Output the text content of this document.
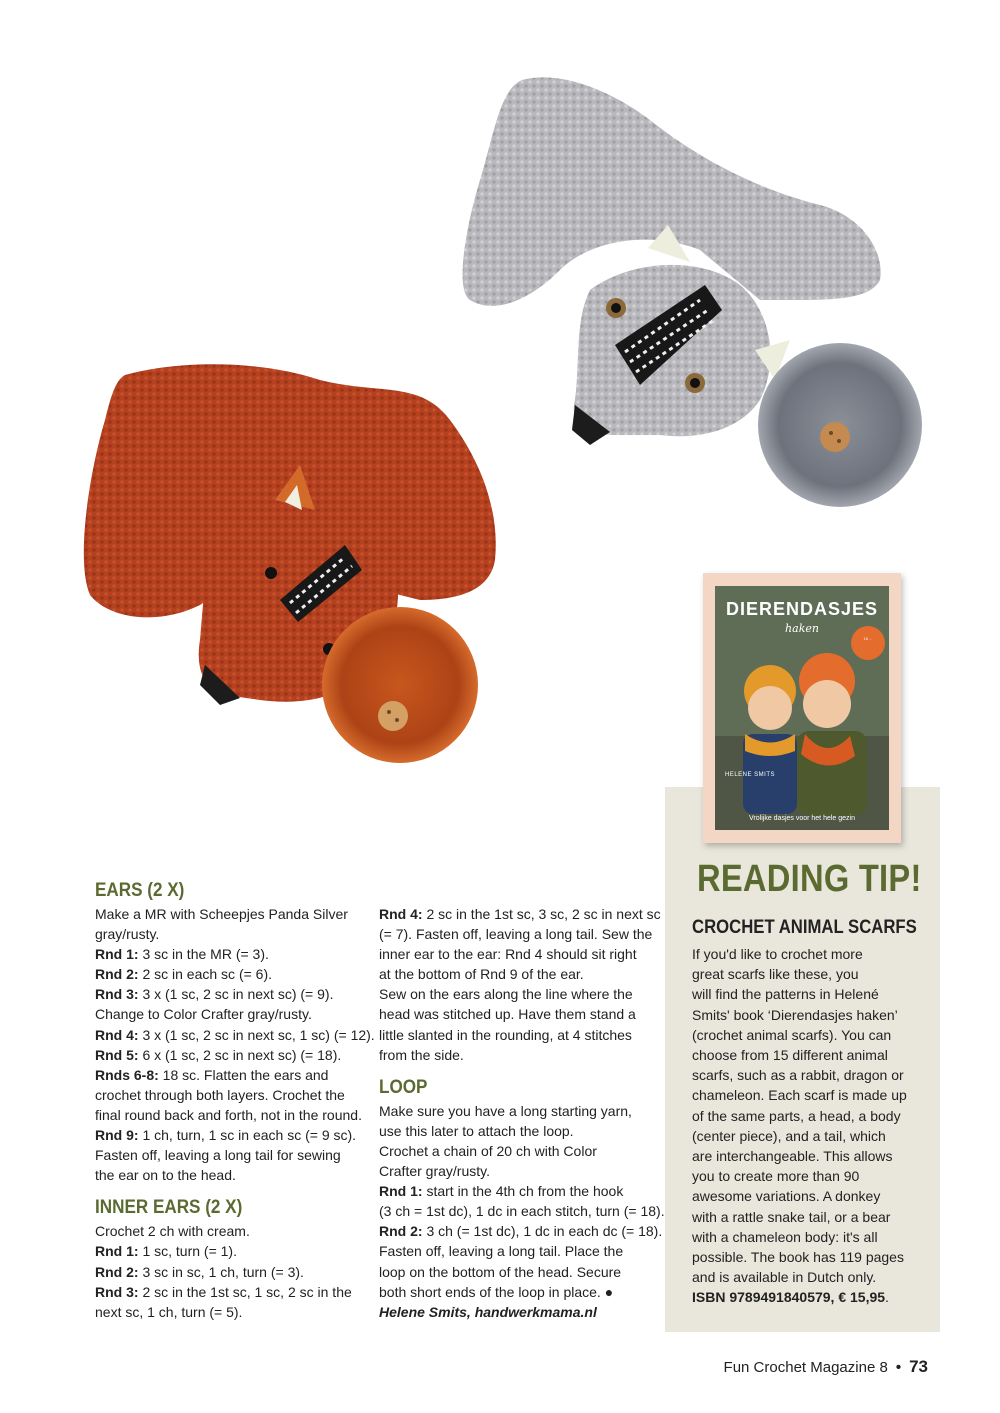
DIERENDASJES
haken
15 ...
HELENE SMITS
Vrolijke dasjes voor het hele gezin
READING TIP!
CROCHET ANIMAL SCARFS
If you'd like to crochet more
great scarfs like these, you
will find the patterns in Helené
Smits' book ‘Dierendasjes haken’
(crochet animal scarfs). You can
choose from 15 different animal
scarfs, such as a rabbit, dragon or
chameleon. Each scarf is made up
of the same parts, a head, a body
(center piece), and a tail, which
are interchangeable. This allows
you to create more than 90
awesome variations. A donkey
with a rattle snake tail, or a bear
with a chameleon body: it's all
possible. The book has 119 pages
and is available in Dutch only.
ISBN 9789491840579, € 15,95.
EARS (2 X)
Make a MR with Scheepjes Panda Silver
gray/rusty.
Rnd 1: 3 sc in the MR (= 3).
Rnd 2: 2 sc in each sc (= 6).
Rnd 3: 3 x (1 sc, 2 sc in next sc) (= 9).
Change to Color Crafter gray/rusty.
Rnd 4: 3 x (1 sc, 2 sc in next sc, 1 sc) (= 12).
Rnd 5: 6 x (1 sc, 2 sc in next sc) (= 18).
Rnds 6-8: 18 sc. Flatten the ears and
crochet through both layers. Crochet the
final round back and forth, not in the round.
Rnd 9: 1 ch, turn, 1 sc in each sc (= 9 sc).
Fasten off, leaving a long tail for sewing
the ear on to the head.
INNER EARS (2 X)
Crochet 2 ch with cream.
Rnd 1: 1 sc, turn (= 1).
Rnd 2: 3 sc in sc, 1 ch, turn (= 3).
Rnd 3: 2 sc in the 1st sc, 1 sc, 2 sc in the
next sc, 1 ch, turn (= 5).
Rnd 4: 2 sc in the 1st sc, 3 sc, 2 sc in next sc
(= 7). Fasten off, leaving a long tail. Sew the
inner ear to the ear: Rnd 4 should sit right
at the bottom of Rnd 9 of the ear.
Sew on the ears along the line where the
head was stitched up. Have them stand a
little slanted in the rounding, at 4 stitches
from the side.
LOOP
Make sure you have a long starting yarn,
use this later to attach the loop.
Crochet a chain of 20 ch with Color
Crafter gray/rusty.
Rnd 1: start in the 4th ch from the hook
(3 ch = 1st dc), 1 dc in each stitch, turn (= 18).
Rnd 2: 3 ch (= 1st dc), 1 dc in each dc (= 18).
Fasten off, leaving a long tail. Place the
loop on the bottom of the head. Secure
both short ends of the loop in place. ●
Helene Smits, handwerkmama.nl
Fun Crochet Magazine 8 • 73
